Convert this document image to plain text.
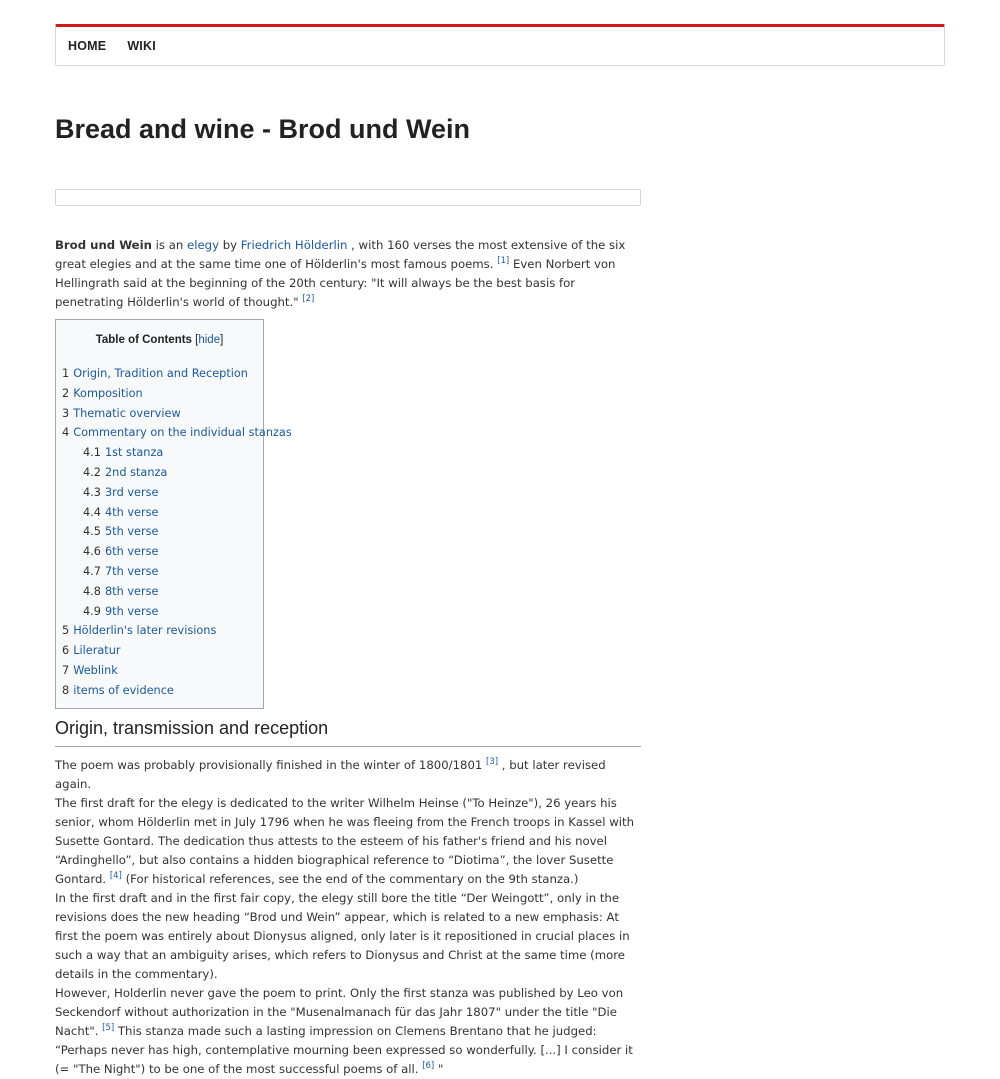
HOME WIKI
Bread and wine - Brod und Wein

Brod und Wein is an elegy by Friedrich Hölderlin , with 160 verses the most extensive of the six great elegies and at the same time one of Hölderlin's most famous poems. [1] Even Norbert von Hellingrath said at the beginning of the 20th century: "It will always be the best basis for penetrating Hölderlin's world of thought." [2]

Table of Contents [hide]
1 Origin, Tradition and Reception
2 Komposition
3 Thematic overview
4 Commentary on the individual stanzas
4.1 1st stanza
4.2 2nd stanza
4.3 3rd verse
4.4 4th verse
4.5 5th verse
4.6 6th verse
4.7 7th verse
4.8 8th verse
4.9 9th verse
5 Hölderlin's later revisions
6 Lileratur
7 Weblink
8 items of evidence
Origin, transmission and reception

The poem was probably provisionally finished in the winter of 1800/1801 [3] , but later revised again.

The first draft for the elegy is dedicated to the writer Wilhelm Heinse ("To Heinze"), 26 years his senior, whom Hölderlin met in July 1796 when he was fleeing from the French troops in Kassel with Susette Gontard. The dedication thus attests to the esteem of his father's friend and his novel “Ardinghello”, but also contains a hidden biographical reference to “Diotima”, the lover Susette Gontard. [4] (For historical references, see the end of the commentary on the 9th stanza.)

In the first draft and in the first fair copy, the elegy still bore the title “Der Weingott”, only in the revisions does the new heading “Brod und Wein” appear, which is related to a new emphasis: At first the poem was entirely about Dionysus aligned, only later is it repositioned in crucial places in such a way that an ambiguity arises, which refers to Dionysus and Christ at the same time (more details in the commentary).

However, Holderlin never gave the poem to print. Only the first stanza was published by Leo von Seckendorf without authorization in the "Musenalmanach für das Jahr 1807" under the title "Die Nacht". [5] This stanza made such a lasting impression on Clemens Brentano that he judged: “Perhaps never has high, contemplative mourning been expressed so wonderfully. [...] I consider it (= "The Night") to be one of the most successful poems of all. [6] "
